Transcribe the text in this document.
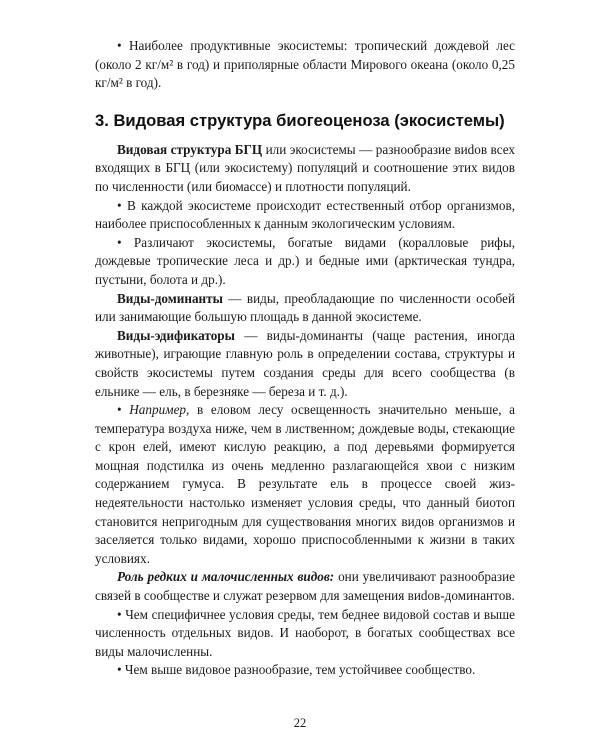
• Наиболее продуктивные экосистемы: тропический дождевой лес (около 2 кг/м² в год) и приполярные области Мирового океана (около 0,25 кг/м² в год).

3. Видовая структура биогеоценоза (экосистемы)

Видовая структура БГЦ или экосистемы — разнообразие виdов всех входящих в БГЦ (или экосистему) популяций и соотношение этих видов по численности (или биомассе) и плотности популяций.

• В каждой экосистеме происходит естественный отбор организмов, наиболее приспособленных к данным экологическим условиям.

• Различают экосистемы, богатые видами (коралловые рифы, дождевые тропические леса и др.) и бедные ими (арктическая тундра, пустыни, болота и др.).

Виды-доминанты — виды, преобладающие по численности особей или занимающие большую площадь в данной экосистеме.

Виды-эдификаторы — виды-доминанты (чаще растения, иногда животные), играющие главную роль в определении состава, структуры и свойств экосистемы путем создания среды для всего сообщества (в ельнике — ель, в березняке — береза и т. д.).

• Например, в еловом лесу освещенность значительно меньше, а температура воздуха ниже, чем в лиственном; дождевые воды, стекающие с крон елей, имеют кислую реакцию, а под деревьями формируется мощная подстилка из очень медленно разлагающейся хвои с низким содержанием гумуса. В результате ель в процессе своей жизнедеятельности настолько изменяет условия среды, что данный биотоп становится непригодным для существования многих видов организмов и заселяется только видами, хорошо приспособленными к жизни в таких условиях.

Роль редких и малочисленных видов: они увеличивают разнообразие связей в сообществе и служат резервом для замещения виdов-доминантов.

• Чем специфичнее условия среды, тем беднее видовой состав и выше численность отдельных видов. И наоборот, в богатых сообществах все виды малочисленны.

• Чем выше видовое разнообразие, тем устойчивее сообщество.

22
